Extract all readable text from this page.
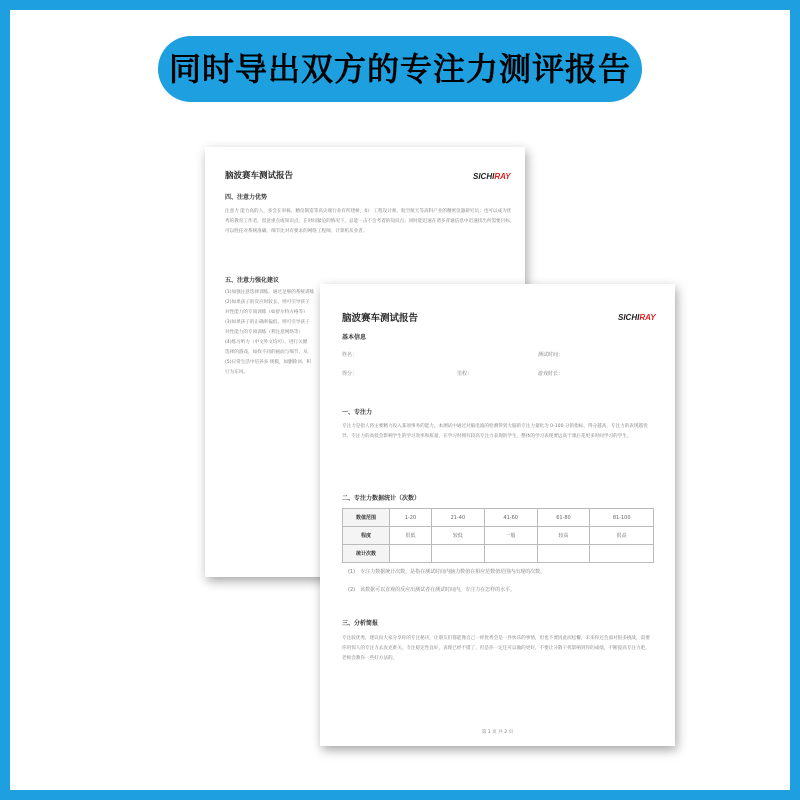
同时导出双方的专注力测评报告
脑波赛车测试报告	SICHIRAY
四、注意力优势
注意力 能力高的人，多会在审核、精仪制造等高尖端行业有所建树，如：工程设计师、航空航天等高科产业的精密仪器研究员；也可以成为优秀的教育工作者，留意重点或知识点，在时间紧迫的情况下，总能一击不会考着的知识点；同时能迅速在诸多普通信息中迅速找出所需要目标，可以胜任对系统准确、细节比对有要求的网络工程师、计算机从业者。
五、注意力强化建议
(1)加强注意选择训练，通过足够的系统训练
(2)如果孩子的反应时较长，则可引导孩子
对性能力的专项训练（如舒尔特方格等）
(3)如果孩子的正确率偏低，则可引导孩子
对性能力的专项训练（利注意网络等）
(4)练习听力（中文外文均可），进行关键
选择的游戏，如找不同的画面与细节，从
(5)日常生活中培养多 规模，如删除词、积
行为东风。
脑波赛车测试报告	SICHIRAY
基本信息
姓名：	测试时间：
得分：	里程：	游戏时长：
一、专注力
专注力是指人将主要精力投入某项事务的能力。本测试中通过对脑电波的检测得到大脑的专注力量化为 0-100 分的指标，得分越高，专注力的表现越优异。专注力的高低会影响学生的学习效率和质量，在学习时拥有较高专注力表现的学生，整体的学习表现要远高于课后花更多时间学习的学生。
二、专注力数据统计（次数）
数值范围	1-20	21-40	41-60	61-80	81-100
程度	很低	较低	一般	较高	很高
统计次数					
(1)　专注力数据统计次数，是指在测试时间内脑力数值在相应范数值范围内出现的次数。
(2)　该数据可以直观的反应出测试者在测试时间内，专注力在怎样的水平。
三、分析简报
专注较优秀，建议向大家分享你的专注秘诀，让朋友们都能像自己一样优秀会是一件快乐的事情，但也不要因此而松懈，未来你还会面对很多挑战，需要你用惊人的专注力去攻克难关。专注稳定性良好，表现已经不错了，但是你一定还可以做的更好，不要让分散干扰影响到你的成绩，不断提高专注力吧，老师会教你一些好方法的。
第 1 页 共 2 页
